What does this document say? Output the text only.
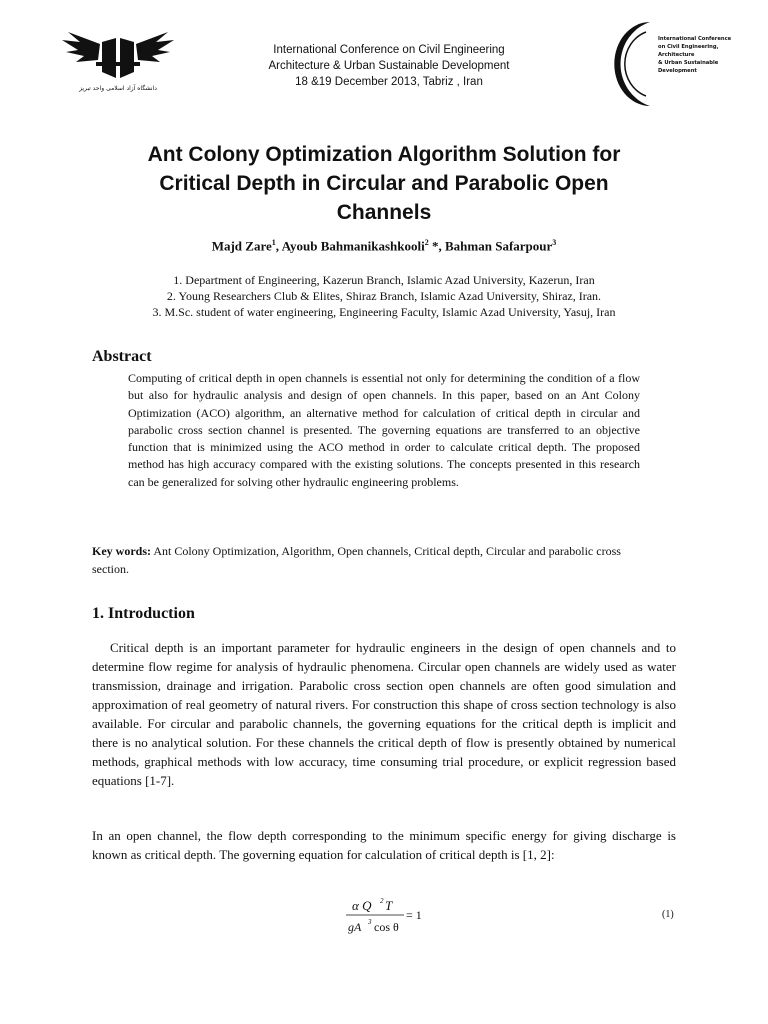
دانشگاه آزاد اسلامی واحد تبریز
International Conference on Civil Engineering
Architecture & Urban Sustainable Development
18 &19 December 2013, Tabriz , Iran
International Conference
on Civil Engineering,
Architecture
& Urban Sustainable
Development
Ant Colony Optimization Algorithm Solution for
Critical Depth in Circular and Parabolic Open
Channels
Majd Zare$^1$, Ayoub Bahmanikashkooli$^2$ *, Bahman Safarpour$^3$
1. Department of Engineering, Kazerun Branch, Islamic Azad University, Kazerun, Iran
2. Young Researchers Club & Elites, Shiraz Branch, Islamic Azad University, Shiraz, Iran.
3. M.Sc. student of water engineering, Engineering Faculty, Islamic Azad University, Yasuj, Iran
Abstract
Computing of critical depth in open channels is essential not only for determining the condition of a flow but also for hydraulic analysis and design of open channels. In this paper, based on an Ant Colony Optimization (ACO) algorithm, an alternative method for calculation of critical depth in circular and parabolic cross section channel is presented. The governing equations are transferred to an objective function that is minimized using the ACO method in order to calculate critical depth. The proposed method has high accuracy compared with the existing solutions. The concepts presented in this research can be generalized for solving other hydraulic engineering problems.
Key words: Ant Colony Optimization, Algorithm, Open channels, Critical depth, Circular and parabolic cross section.
1. Introduction
Critical depth is an important parameter for hydraulic engineers in the design of open channels and to determine flow regime for analysis of hydraulic phenomena. Circular open channels are widely used as water transmission, drainage and irrigation. Parabolic cross section open channels are often good simulation and approximation of real geometry of natural rivers. For construction this shape of cross section technology is also available. For circular and parabolic channels, the governing equations for the critical depth is implicit and there is no analytical solution. For these channels the critical depth of flow is presently obtained by numerical methods, graphical methods with low accuracy, time consuming trial procedure, or explicit regression based equations [1-7].
In an open channel, the flow depth corresponding to the minimum specific energy for giving discharge is known as critical depth. The governing equation for calculation of critical depth is [1, 2]:
α Q 2 T
gA 3 cos θ
= 1	(1)
